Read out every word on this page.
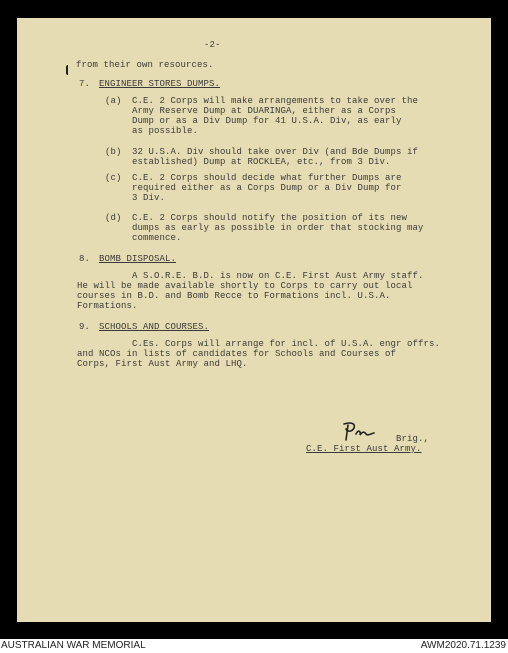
-2-
from their own resources.
7. ENGINEER STORES DUMPS.
(a) C.E. 2 Corps will make arrangements to take over the
Army Reserve Dump at DUARINGA, either as a Corps
Dump or as a Div Dump for 41 U.S.A. Div, as early
as possible.
(b) 32 U.S.A. Div should take over Div (and Bde Dumps if
established) Dump at ROCKLEA, etc., from 3 Div.
(c) C.E. 2 Corps should decide what further Dumps are
required either as a Corps Dump or a Div Dump for
3 Div.
(d) C.E. 2 Corps should notify the position of its new
dumps as early as possible in order that stocking may
commence.
8. BOMB DISPOSAL.
A S.O.R.E. B.D. is now on C.E. First Aust Army staff.
He will be made available shortly to Corps to carry out local
courses in B.D. and Bomb Recce to Formations incl. U.S.A.
Formations.
9. SCHOOLS AND COURSES.
C.Es. Corps will arrange for incl. of U.S.A. engr offrs.
and NCOs in lists of candidates for Schools and Courses of
Corps, First Aust Army and LHQ.
Brig.,
C.E. First Aust Army.
AUSTRALIAN WAR MEMORIAL	AWM2020.71.1239
